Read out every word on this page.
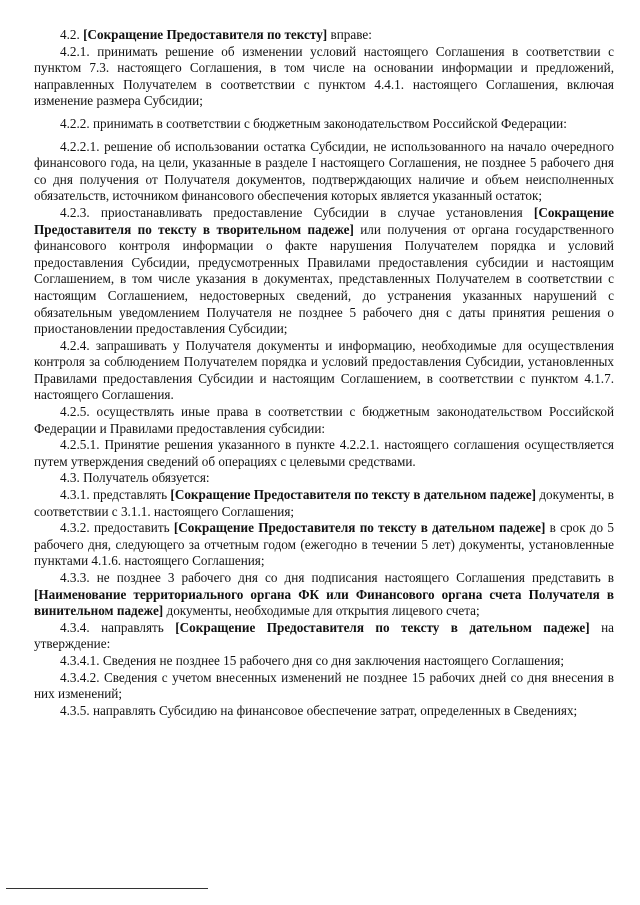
4.2. [Сокращение Предоставителя по тексту] вправе:

4.2.1. принимать решение об изменении условий настоящего Соглашения в соответствии с пунктом 7.3. настоящего Соглашения, в том числе на основании информации и предложений, направленных Получателем в соответствии с пунктом 4.4.1. настоящего Соглашения, включая изменение размера Субсидии;

4.2.2. принимать в соответствии с бюджетным законодательством Российской Федерации:

4.2.2.1. решение об использовании остатка Субсидии, не использованного на начало очередного финансового года, на цели, указанные в разделе I настоящего Соглашения, не позднее 5 рабочего дня со дня получения от Получателя документов, подтверждающих наличие и объем неисполненных обязательств, источником финансового обеспечения которых является указанный остаток;

4.2.3. приостанавливать предоставление Субсидии в случае установления [Сокращение Предоставителя по тексту в творительном падеже] или получения от органа государственного финансового контроля информации о факте нарушения Получателем порядка и условий предоставления Субсидии, предусмотренных Правилами предоставления субсидии и настоящим Соглашением, в том числе указания в документах, представленных Получателем в соответствии с настоящим Соглашением, недостоверных сведений, до устранения указанных нарушений с обязательным уведомлением Получателя не позднее 5 рабочего дня с даты принятия решения о приостановлении предоставления Субсидии;

4.2.4. запрашивать у Получателя документы и информацию, необходимые для осуществления контроля за соблюдением Получателем порядка и условий предоставления Субсидии, установленных Правилами предоставления Субсидии и настоящим Соглашением, в соответствии с пунктом 4.1.7. настоящего Соглашения.

4.2.5. осуществлять иные права в соответствии с бюджетным законодательством Российской Федерации и Правилами предоставления субсидии:

4.2.5.1. Принятие решения указанного в пункте 4.2.2.1. настоящего соглашения осуществляется путем утверждения сведений об операциях с целевыми средствами.

4.3. Получатель обязуется:

4.3.1. представлять [Сокращение Предоставителя по тексту в дательном падеже] документы, в соответствии с 3.1.1. настоящего Соглашения;

4.3.2. предоставить [Сокращение Предоставителя по тексту в дательном падеже] в срок до 5 рабочего дня, следующего за отчетным годом (ежегодно в течении 5 лет) документы, установленные пунктами 4.1.6. настоящего Соглашения;

4.3.3. не позднее 3 рабочего дня со дня подписания настоящего Соглашения представить в [Наименование территориального органа ФК или Финансового органа счета Получателя в винительном падеже] документы, необходимые для открытия лицевого счета;

4.3.4. направлять [Сокращение Предоставителя по тексту в дательном падеже] на утверждение:

4.3.4.1. Сведения не позднее 15 рабочего дня со дня заключения настоящего Соглашения;

4.3.4.2. Сведения с учетом внесенных изменений не позднее 15 рабочих дней со дня внесения в них изменений;

4.3.5. направлять Субсидию на финансовое обеспечение затрат, определенных в Сведениях;
